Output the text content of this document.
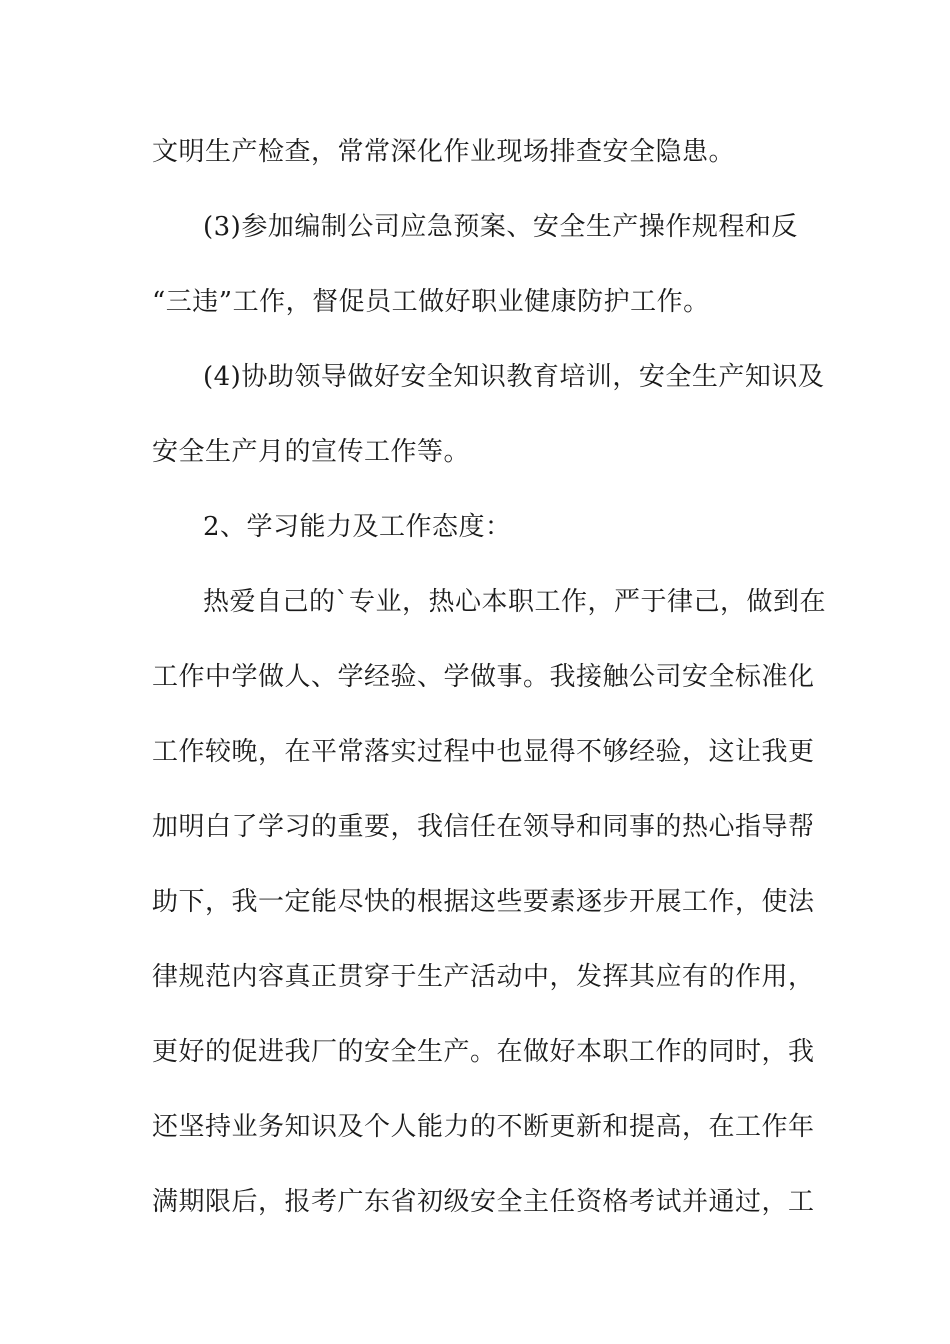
文明生产检查，常常深化作业现场排查安全隐患。
(3)参加编制公司应急预案、安全生产操作规程和反
“三违”工作，督促员工做好职业健康防护工作。
(4)协助领导做好安全知识教育培训，安全生产知识及
安全生产月的宣传工作等。
2、学习能力及工作态度：
热爱自己的`专业，热心本职工作，严于律己，做到在
工作中学做人、学经验、学做事。我接触公司安全标准化
工作较晚，在平常落实过程中也显得不够经验，这让我更
加明白了学习的重要，我信任在领导和同事的热心指导帮
助下，我一定能尽快的根据这些要素逐步开展工作，使法
律规范内容真正贯穿于生产活动中，发挥其应有的作用，
更好的促进我厂的安全生产。在做好本职工作的同时，我
还坚持业务知识及个人能力的不断更新和提高，在工作年
满期限后，报考广东省初级安全主任资格考试并通过，工
